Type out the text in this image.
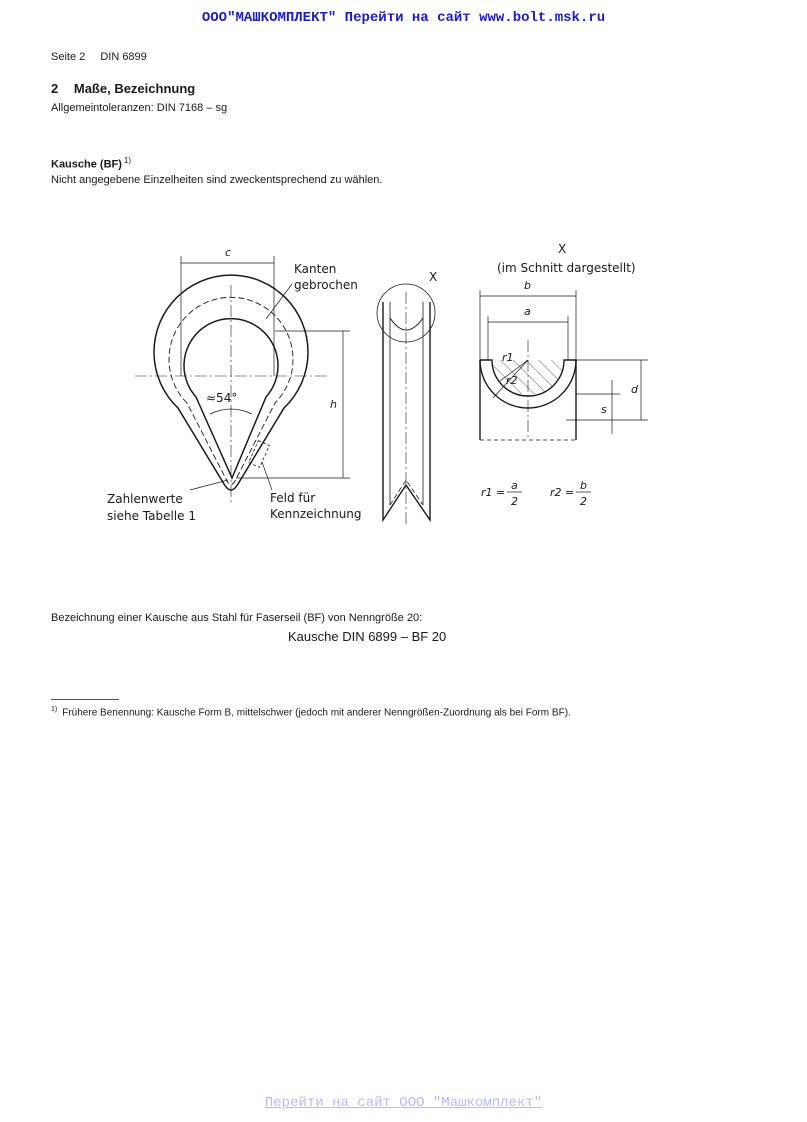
ООО"МАШКОМПЛЕКТ" Перейти на сайт www.bolt.msk.ru
Seite 2 DIN 6899
2 Maße, Bezeichnung
Allgemeintoleranzen: DIN 7168 – sg
Kausche (BF) $^{1)}$
Nicht angegebene Einzelheiten sind zweckentsprechend zu wählen.
c
h
≈54°
Kanten
gebrochen
Zahlenwerte
siehe Tabelle 1
Feld für
Kennzeichnung
X
X
(im Schnitt dargestellt)
b
a
d
s
r1
r2
r1 =
a
2
r2 =
b
2
Bezeichnung einer Kausche aus Stahl für Faserseil (BF) von Nenngröße 20:
Kausche DIN 6899 – BF 20
$^{1)}$ Frühere Benennung: Kausche Form B, mittelschwer (jedoch mit anderer Nenngrößen-Zuordnung als bei Form BF).
Перейти на сайт ООО "Машкомплект"
